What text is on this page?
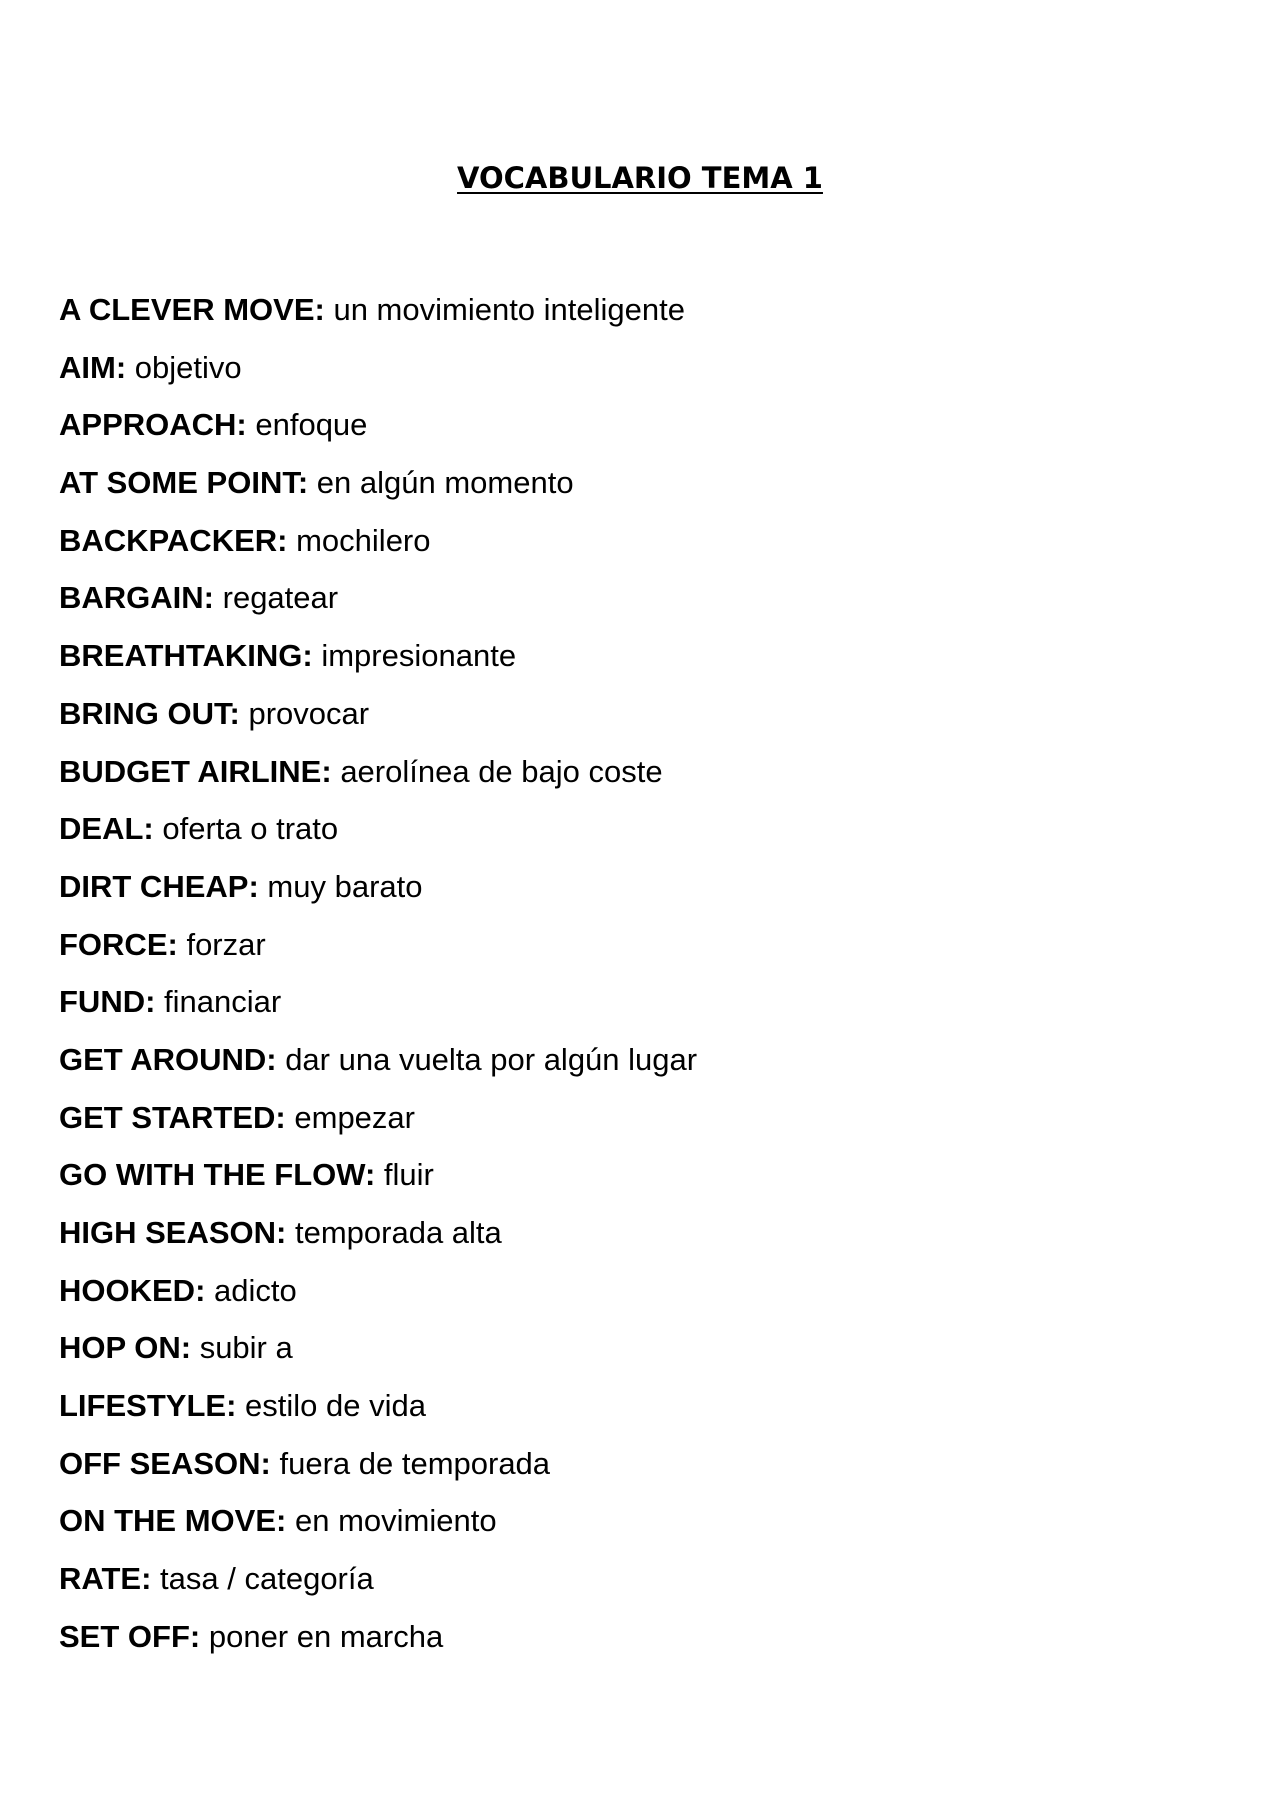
VOCABULARIO TEMA 1
A CLEVER MOVE: un movimiento inteligente
AIM: objetivo
APPROACH: enfoque
AT SOME POINT: en algún momento
BACKPACKER: mochilero
BARGAIN: regatear
BREATHTAKING: impresionante
BRING OUT: provocar
BUDGET AIRLINE: aerolínea de bajo coste
DEAL: oferta o trato
DIRT CHEAP: muy barato
FORCE: forzar
FUND: financiar
GET AROUND: dar una vuelta por algún lugar
GET STARTED: empezar
GO WITH THE FLOW: fluir
HIGH SEASON: temporada alta
HOOKED: adicto
HOP ON: subir a
LIFESTYLE: estilo de vida
OFF SEASON: fuera de temporada
ON THE MOVE: en movimiento
RATE: tasa / categoría
SET OFF: poner en marcha
